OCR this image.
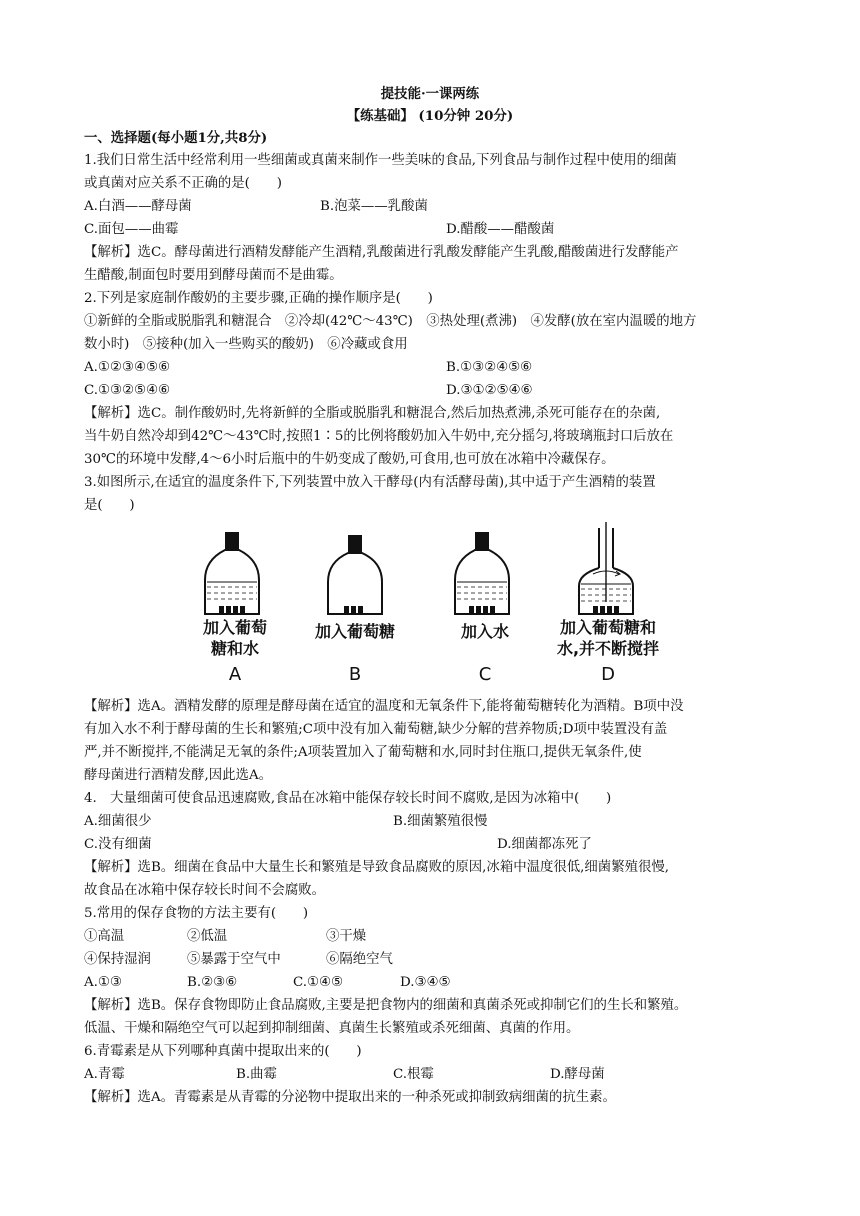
提技能·一课两练
【练基础】 (10分钟 20分)
一、选择题(每小题1分,共8分)
1.我们日常生活中经常利用一些细菌或真菌来制作一些美味的食品,下列食品与制作过程中使用的细菌
或真菌对应关系不正确的是(　　)
A.白酒——酵母菌	B.泡菜——乳酸菌
C.面包——曲霉	D.醋酸——醋酸菌
【解析】选C。酵母菌进行酒精发酵能产生酒精,乳酸菌进行乳酸发酵能产生乳酸,醋酸菌进行发酵能产
生醋酸,制面包时要用到酵母菌而不是曲霉。
2.下列是家庭制作酸奶的主要步骤,正确的操作顺序是(　　)
①新鲜的全脂或脱脂乳和糖混合　②冷却(42℃～43℃)　③热处理(煮沸)　④发酵(放在室内温暖的地方
数小时)　⑤接种(加入一些购买的酸奶)　⑥冷藏或食用
A.①②③④⑤⑥	B.①③②④⑤⑥
C.①③②⑤④⑥	D.③①②⑤④⑥
【解析】选C。制作酸奶时,先将新鲜的全脂或脱脂乳和糖混合,然后加热煮沸,杀死可能存在的杂菌,
当牛奶自然冷却到42℃～43℃时,按照1∶5的比例将酸奶加入牛奶中,充分摇匀,将玻璃瓶封口后放在
30℃的环境中发酵,4～6小时后瓶中的牛奶变成了酸奶,可食用,也可放在冰箱中冷藏保存。
3.如图所示,在适宜的温度条件下,下列装置中放入干酵母(内有活酵母菌),其中适于产生酒精的装置
是(　　)
加入葡萄
糖和水
加入葡萄糖	加入水	加入葡萄糖和
水,并不断搅拌
A	B	C	D
【解析】选A。酒精发酵的原理是酵母菌在适宜的温度和无氧条件下,能将葡萄糖转化为酒精。B项中没
有加入水不利于酵母菌的生长和繁殖;C项中没有加入葡萄糖,缺少分解的营养物质;D项中装置没有盖
严,并不断搅拌,不能满足无氧的条件;A项装置加入了葡萄糖和水,同时封住瓶口,提供无氧条件,使
酵母菌进行酒精发酵,因此选A。
4.　大量细菌可使食品迅速腐败,食品在冰箱中能保存较长时间不腐败,是因为冰箱中(　　)
A.细菌很少	B.细菌繁殖很慢
C.没有细菌	D.细菌都冻死了
【解析】选B。细菌在食品中大量生长和繁殖是导致食品腐败的原因,冰箱中温度很低,细菌繁殖很慢,
故食品在冰箱中保存较长时间不会腐败。
5.常用的保存食物的方法主要有(　　)
①高温	②低温	③干燥
④保持湿润	⑤暴露于空气中	⑥隔绝空气
A.①③	B.②③⑥	C.①④⑤	D.③④⑤
【解析】选B。保存食物即防止食品腐败,主要是把食物内的细菌和真菌杀死或抑制它们的生长和繁殖。
低温、干燥和隔绝空气可以起到抑制细菌、真菌生长繁殖或杀死细菌、真菌的作用。
6.青霉素是从下列哪种真菌中提取出来的(　　)
A.青霉	B.曲霉	C.根霉	D.酵母菌
【解析】选A。青霉素是从青霉的分泌物中提取出来的一种杀死或抑制致病细菌的抗生素。
